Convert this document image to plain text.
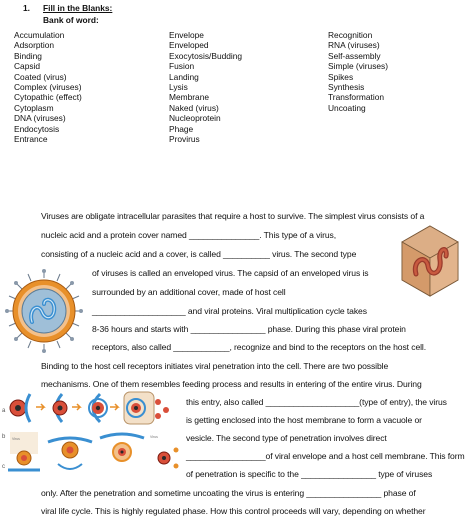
1. Fill in the Blanks:
Bank of word:
Accumulation
Adsorption
Binding
Capsid
Coated (virus)
Complex (viruses)
Cytopathic (effect)
Cytoplasm
DNA (viruses)
Endocytosis
Entrance
Envelope
Enveloped
Exocytosis/Budding
Fusion
Landing
Lysis
Membrane
Naked (virus)
Nucleoprotein
Phage
Provirus
Recognition
RNA (viruses)
Self-assembly
Simple (viruses)
Spikes
Synthesis
Transformation
Uncoating
Viruses are obligate intracellular parasites that require a host to survive. The simplest virus consists of a
nucleic acid and a protein cover named _______________. This type of a virus,
consisting of a nucleic acid and a cover, is called __________ virus. The second type
of viruses is called an enveloped virus. The capsid of an enveloped virus is
surrounded by an additional cover, made of host cell
____________________ and viral proteins. Viral multiplication cycle takes
8-36 hours and starts with ________________ phase. During this phase viral protein
receptors, also called ____________, recognize and bind to the receptors on the host cell.
Binding to the host cell receptors initiates viral penetration into the cell. There are two possible
mechanisms. One of them resembles feeding process and results in entering of the entire virus. During
this entry, also called ____________________(type of entry), the virus
is getting enclosed into the host membrane to form a vacuole or
vesicle. The second type of penetration involves direct
_________________of viral envelope and a host cell membrane. This form
of penetration is specific to the ________________ type of viruses
only. After the penetration and sometime uncoating the virus is entering ________________ phase of
viral life cycle. This is highly regulated phase. How this control proceeds will vary, depending on whether
a
b Virus	Virus
c
